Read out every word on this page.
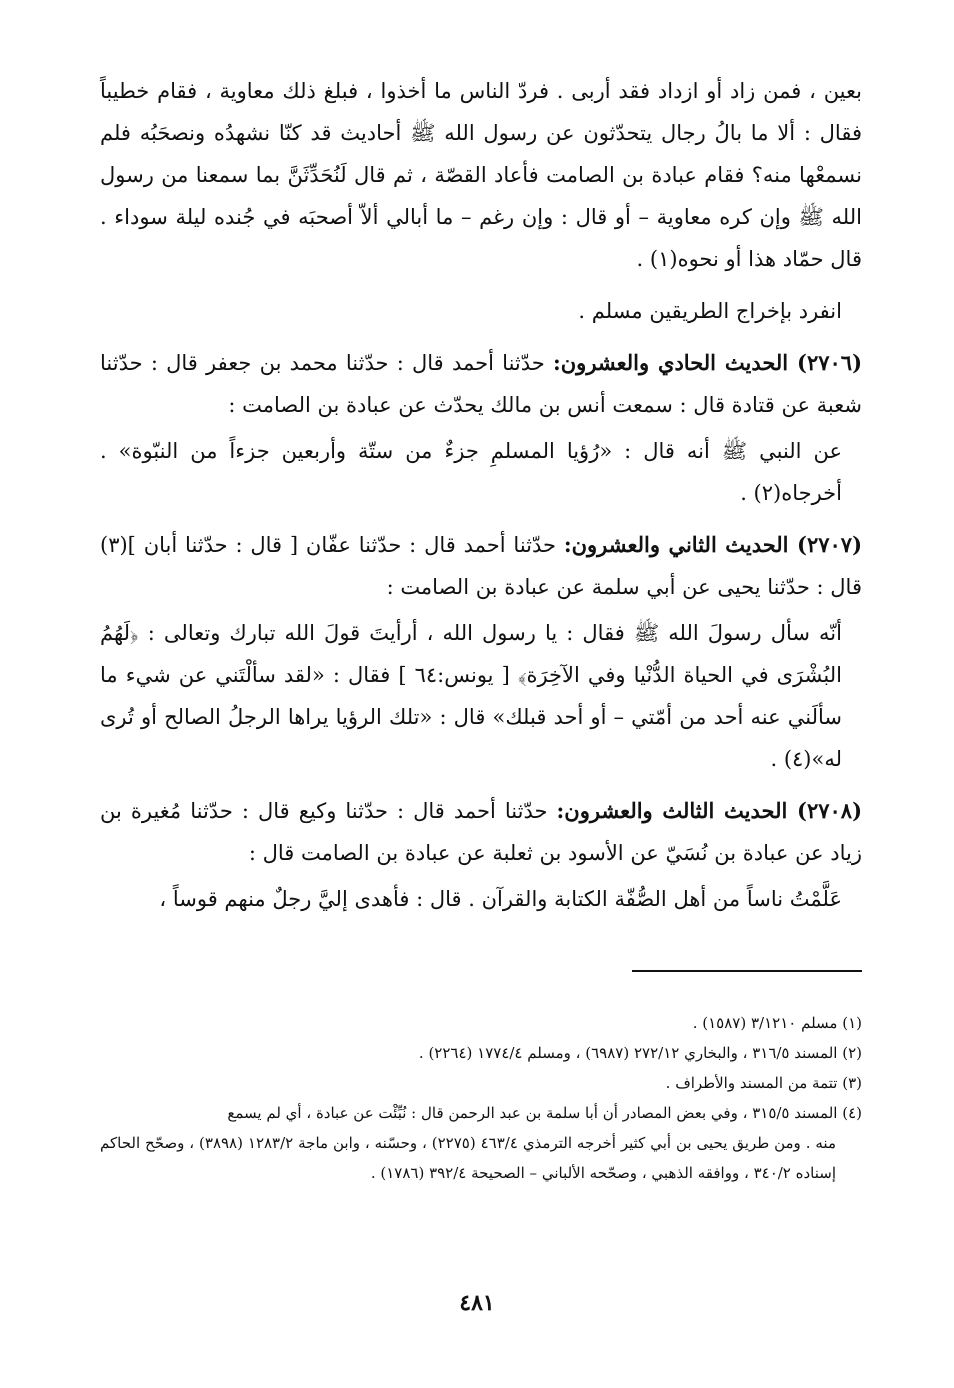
بعين ، فمن زاد أو ازداد فقد أربى . فردّ الناس ما أخذوا ، فبلغ ذلك معاوية ، فقام خطيباً فقال : ألا ما بالُ رجال يتحدّثون عن رسول الله ﷺ أحاديث قد كنّا نشهدُه ونصحَبُه فلم نسمعْها منه؟ فقام عبادة بن الصامت فأعاد القصّة ، ثم قال لَنُحَدِّثَنَّ بما سمعنا من رسول الله ﷺ وإن كره معاوية – أو قال : وإن رغم – ما أبالي ألاّ أصحبَه في جُنده ليلة سوداء . قال حمّاد هذا أو نحوه(١) .

انفرد بإخراج الطريقين مسلم .

(٢٧٠٦) الحديث الحادي والعشرون: حدّثنا أحمد قال : حدّثنا محمد بن جعفر قال : حدّثنا شعبة عن قتادة قال : سمعت أنس بن مالك يحدّث عن عبادة بن الصامت :

عن النبي ﷺ أنه قال : «رُؤيا المسلمِ جزءٌ من ستّة وأربعين جزءاً من النبّوة» . أخرجاه(٢) .

(٢٧٠٧) الحديث الثاني والعشرون: حدّثنا أحمد قال : حدّثنا عفّان [ قال : حدّثنا أبان ](٣) قال : حدّثنا يحيى عن أبي سلمة عن عبادة بن الصامت :

أنّه سأل رسولَ الله ﷺ فقال : يا رسول الله ، أرأيتَ قولَ الله تبارك وتعالى : ﴿لَهُمُ البُشْرَى في الحياة الدُّنْيا وفي الآخِرَة﴾ [ يونس:٦٤ ] فقال : «لقد سألْتَني عن شيء ما سألَني عنه أحد من أمّتي – أو أحد قبلك» قال : «تلك الرؤيا يراها الرجلُ الصالح أو تُرى له»(٤) .

(٢٧٠٨) الحديث الثالث والعشرون: حدّثنا أحمد قال : حدّثنا وكيع قال : حدّثنا مُغيرة بن زياد عن عبادة بن نُسَيّ عن الأسود بن ثعلبة عن عبادة بن الصامت قال :

عَلَّمْتُ ناساً من أهل الصُّفّة الكتابة والقرآن . قال : فأهدى إليَّ رجلٌ منهم قوساً ،

(١) مسلم ٣/١٢١٠ (١٥٨٧) .

(٢) المسند ٣١٦/٥ ، والبخاري ٢٧٢/١٢ (٦٩٨٧) ، ومسلم ١٧٧٤/٤ (٢٢٦٤) .

(٣) تتمة من المسند والأطراف .

(٤) المسند ٣١٥/٥ ، وفي بعض المصادر أن أبا سلمة بن عبد الرحمن قال : نُبِّئْت عن عبادة ، أي لم يسمع

منه . ومن طريق يحيى بن أبي كثير أخرجه الترمذي ٤٦٣/٤ (٢٢٧٥) ، وحسّنه ، وابن ماجة ١٢٨٣/٢ (٣٨٩٨) ، وصحّح الحاكم إسناده ٣٤٠/٢ ، ووافقه الذهبي ، وصحّحه الألباني – الصحيحة ٣٩٢/٤ (١٧٨٦) .

٤٨١
